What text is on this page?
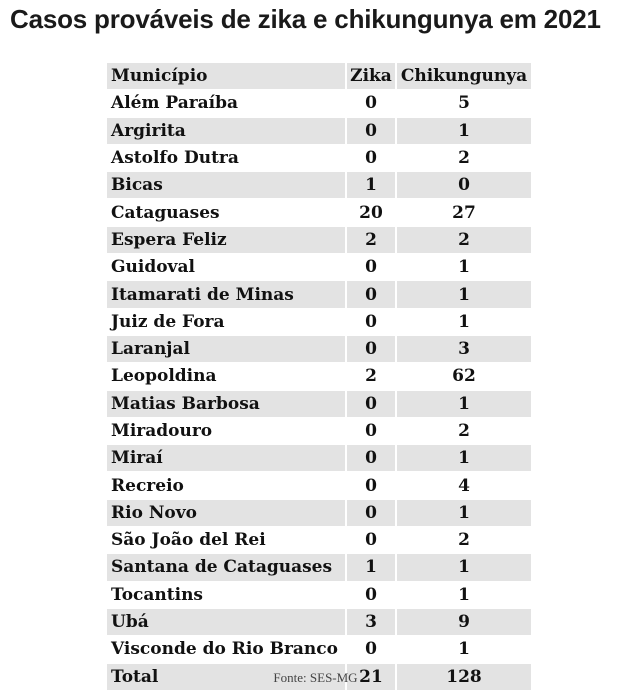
Casos prováveis de zika e chikungunya em 2021
Município	Zika	Chikungunya
Além Paraíba	0	5
Argirita	0	1
Astolfo Dutra	0	2
Bicas	1	0
Cataguases	20	27
Espera Feliz	2	2
Guidoval	0	1
Itamarati de Minas	0	1
Juiz de Fora	0	1
Laranjal	0	3
Leopoldina	2	62
Matias Barbosa	0	1
Miradouro	0	2
Miraí	0	1
Recreio	0	4
Rio Novo	0	1
São João del Rei	0	2
Santana de Cataguases	1	1
Tocantins	0	1
Ubá	3	9
Visconde do Rio Branco	0	1
Total	21	128
Fonte: SES-MG
